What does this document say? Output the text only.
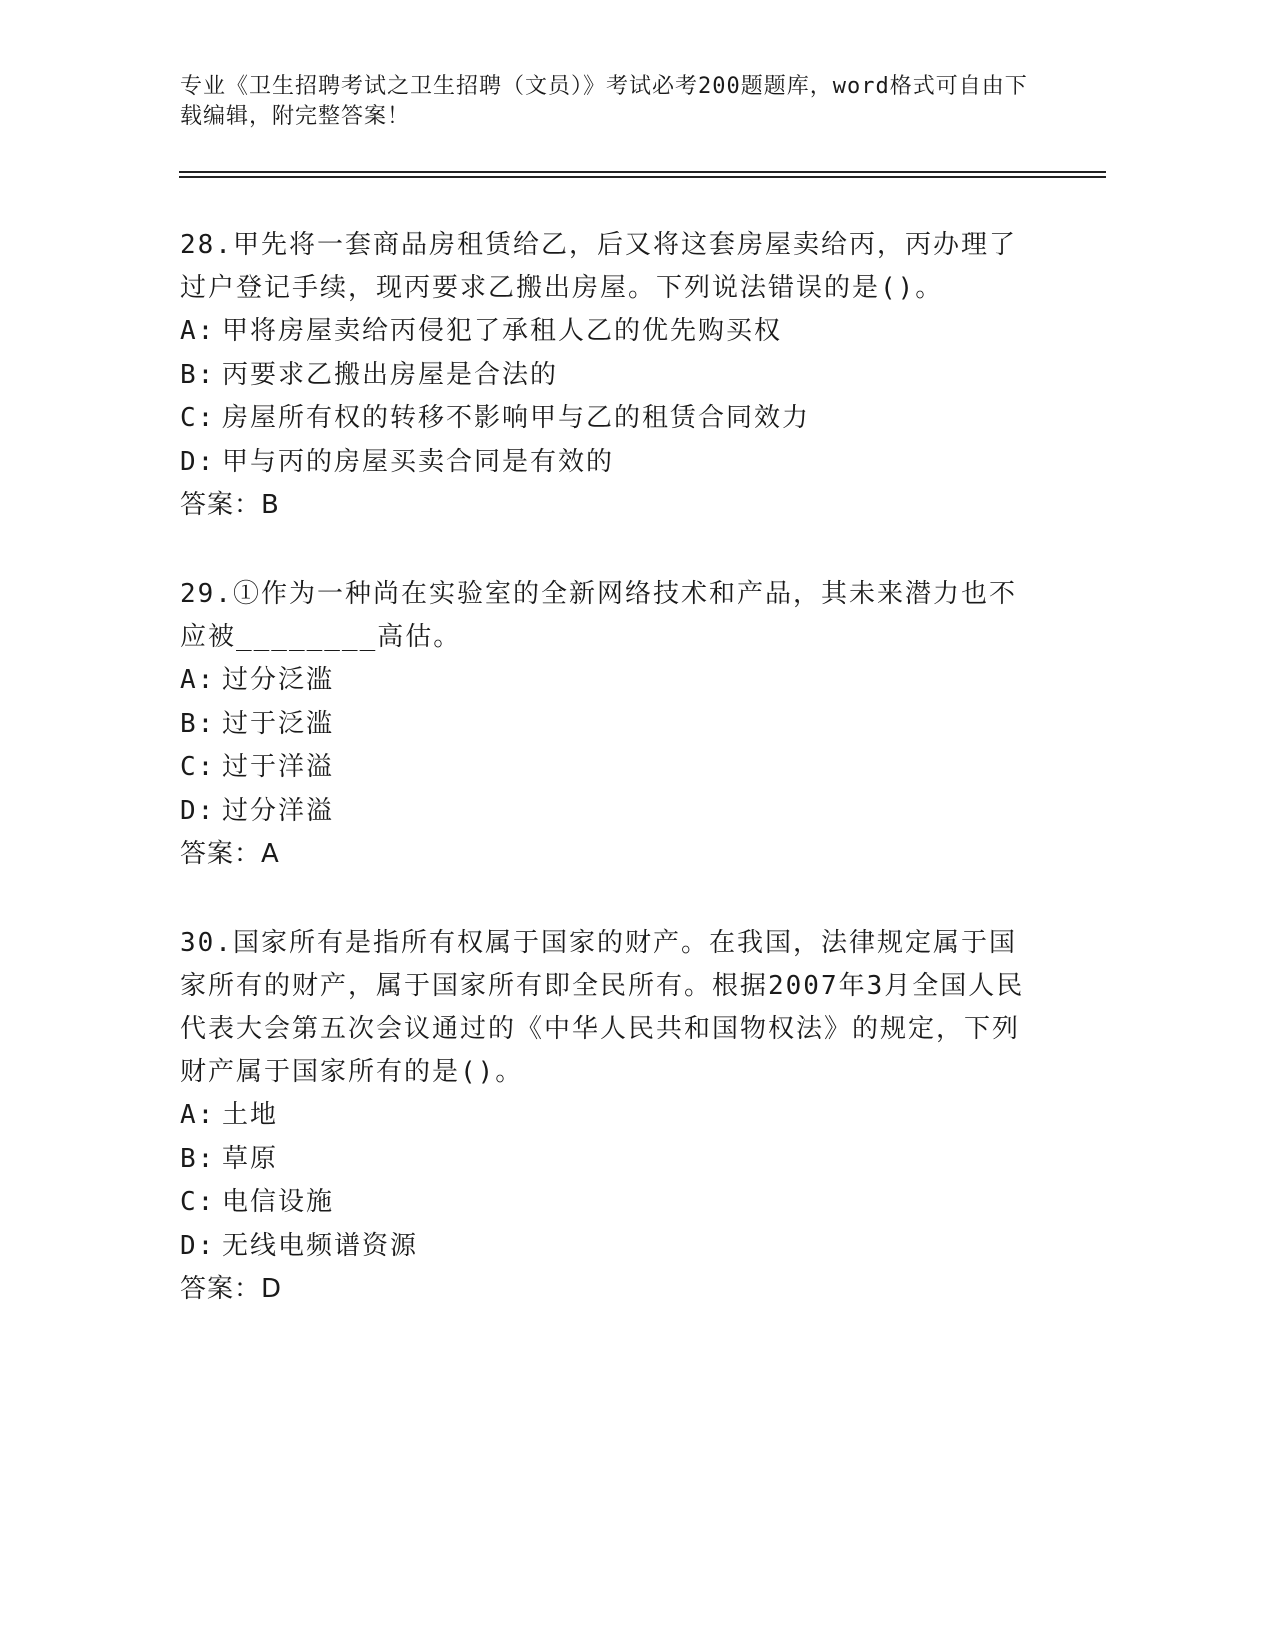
专业《卫生招聘考试之卫生招聘（文员）》考试必考200题题库，word格式可自由下载编辑，附完整答案！
28.甲先将一套商品房租赁给乙，后又将这套房屋卖给丙，丙办理了过户登记手续，现丙要求乙搬出房屋。下列说法错误的是()。
A: 甲将房屋卖给丙侵犯了承租人乙的优先购买权
B: 丙要求乙搬出房屋是合法的
C: 房屋所有权的转移不影响甲与乙的租赁合同效力
D: 甲与丙的房屋买卖合同是有效的
答案：B
29.①作为一种尚在实验室的全新网络技术和产品，其未来潜力也不应被________高估。
A: 过分泛滥
B: 过于泛滥
C: 过于洋溢
D: 过分洋溢
答案：A
30.国家所有是指所有权属于国家的财产。在我国，法律规定属于国家所有的财产，属于国家所有即全民所有。根据2007年3月全国人民代表大会第五次会议通过的《中华人民共和国物权法》的规定，下列财产属于国家所有的是()。
A: 土地
B: 草原
C: 电信设施
D: 无线电频谱资源
答案：D
